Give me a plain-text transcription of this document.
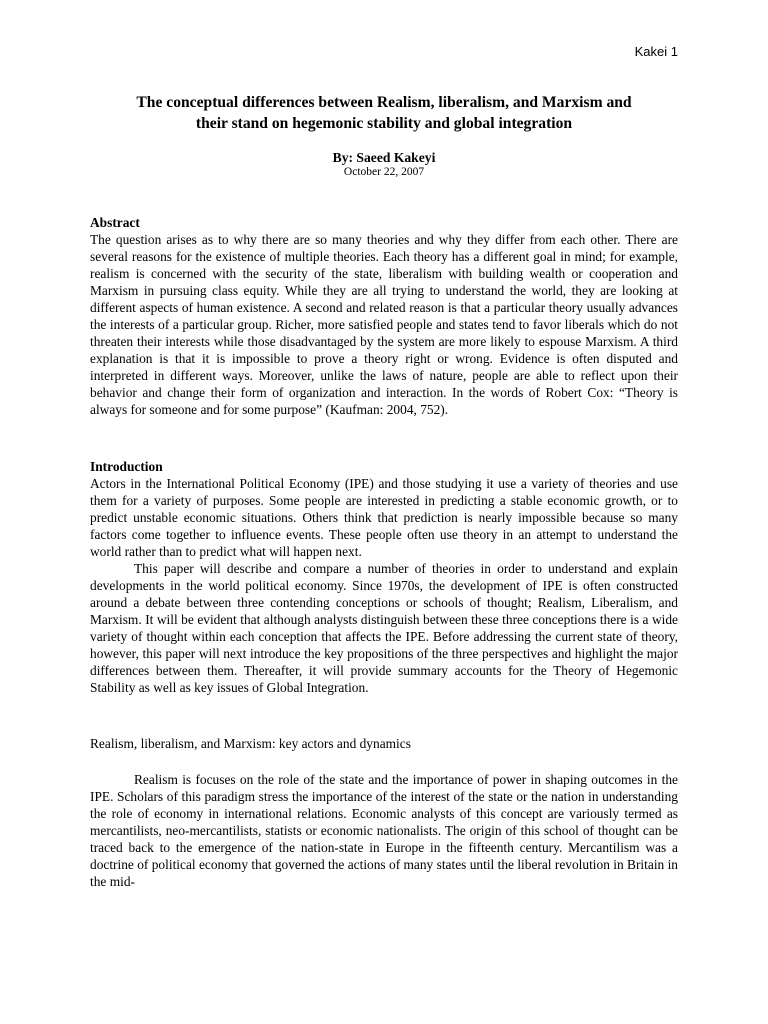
Kakei 1
The conceptual differences between Realism, liberalism, and Marxism and
their stand on hegemonic stability and global integration
By: Saeed Kakeyi
October 22, 2007
Abstract

The question arises as to why there are so many theories and why they differ from each other. There are several reasons for the existence of multiple theories. Each theory has a different goal in mind; for example, realism is concerned with the security of the state, liberalism with building wealth or cooperation and Marxism in pursuing class equity. While they are all trying to understand the world, they are looking at different aspects of human existence. A second and related reason is that a particular theory usually advances the interests of a particular group. Richer, more satisfied people and states tend to favor liberals which do not threaten their interests while those disadvantaged by the system are more likely to espouse Marxism. A third explanation is that it is impossible to prove a theory right or wrong. Evidence is often disputed and interpreted in different ways. Moreover, unlike the laws of nature, people are able to reflect upon their behavior and change their form of organization and interaction. In the words of Robert Cox: “Theory is always for someone and for some purpose” (Kaufman: 2004, 752).

Introduction

Actors in the International Political Economy (IPE) and those studying it use a variety of theories and use them for a variety of purposes. Some people are interested in predicting a stable economic growth, or to predict unstable economic situations. Others think that prediction is nearly impossible because so many factors come together to influence events. These people often use theory in an attempt to understand the world rather than to predict what will happen next.

This paper will describe and compare a number of theories in order to understand and explain developments in the world political economy. Since 1970s, the development of IPE is often constructed around a debate between three contending conceptions or schools of thought; Realism, Liberalism, and Marxism. It will be evident that although analysts distinguish between these three conceptions there is a wide variety of thought within each conception that affects the IPE. Before addressing the current state of theory, however, this paper will next introduce the key propositions of the three perspectives and highlight the major differences between them. Thereafter, it will provide summary accounts for the Theory of Hegemonic Stability as well as key issues of Global Integration.

Realism, liberalism, and Marxism: key actors and dynamics

Realism is focuses on the role of the state and the importance of power in shaping outcomes in the IPE. Scholars of this paradigm stress the importance of the interest of the state or the nation in understanding the role of economy in international relations. Economic analysts of this concept are variously termed as mercantilists, neo-mercantilists, statists or economic nationalists. The origin of this school of thought can be traced back to the emergence of the nation-state in Europe in the fifteenth century. Mercantilism was a doctrine of political economy that governed the actions of many states until the liberal revolution in Britain in the mid-
